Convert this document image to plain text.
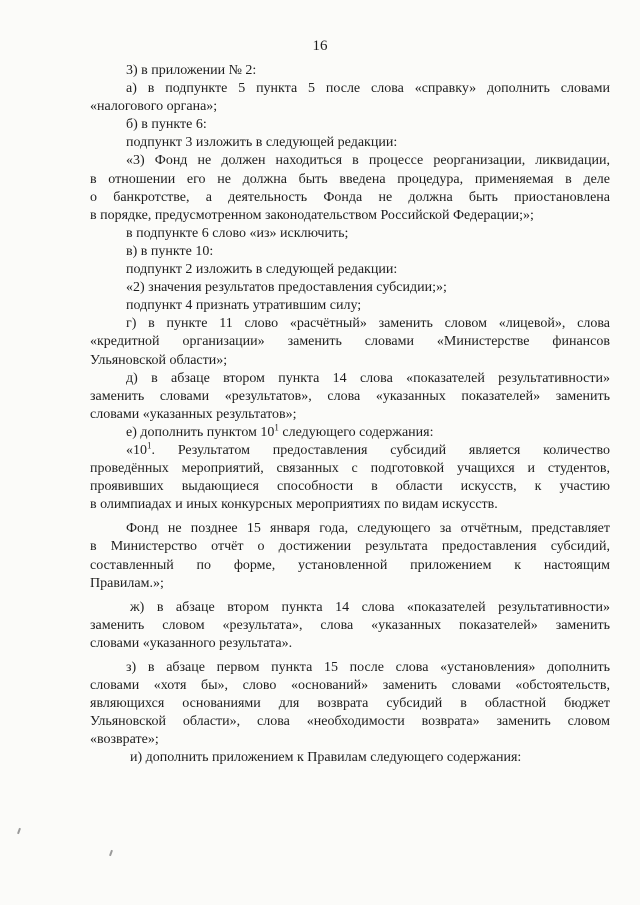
16
3) в приложении № 2:
а) в подпункте 5 пункта 5 после слова «справку» дополнить словами
«налогового органа»;
б) в пункте 6:
подпункт 3 изложить в следующей редакции:
«3) Фонд не должен находиться в процессе реорганизации, ликвидации,
в отношении его не должна быть введена процедура, применяемая в деле
о банкротстве, а деятельность Фонда не должна быть приостановлена
в порядке, предусмотренном законодательством Российской Федерации;»;
в подпункте 6 слово «из» исключить;
в) в пункте 10:
подпункт 2 изложить в следующей редакции:
«2) значения результатов предоставления субсидии;»;
подпункт 4 признать утратившим силу;
г) в пункте 11 слово «расчётный» заменить словом «лицевой», слова
«кредитной организации» заменить словами «Министерстве финансов
Ульяновской области»;
д) в абзаце втором пункта 14 слова «показателей результативности»
заменить словами «результатов», слова «указанных показателей» заменить
словами «указанных результатов»;
е) дополнить пунктом $10^1$ следующего содержания:
«$10^1$. Результатом предоставления субсидий является количество
проведённых мероприятий, связанных с подготовкой учащихся и студентов,
проявивших выдающиеся способности в области искусств, к участию
в олимпиадах и иных конкурсных мероприятиях по видам искусств.
Фонд не позднее 15 января года, следующего за отчётным, представляет
в Министерство отчёт о достижении результата предоставления субсидий,
составленный по форме, установленной приложением к настоящим
Правилам.»;
ж) в абзаце втором пункта 14 слова «показателей результативности»
заменить словом «результата», слова «указанных показателей» заменить
словами «указанного результата».
з) в абзаце первом пункта 15 после слова «установления» дополнить
словами «хотя бы», слово «оснований» заменить словами «обстоятельств,
являющихся основаниями для возврата субсидий в областной бюджет
Ульяновской области», слова «необходимости возврата» заменить словом
«возврате»;
и) дополнить приложением к Правилам следующего содержания:
